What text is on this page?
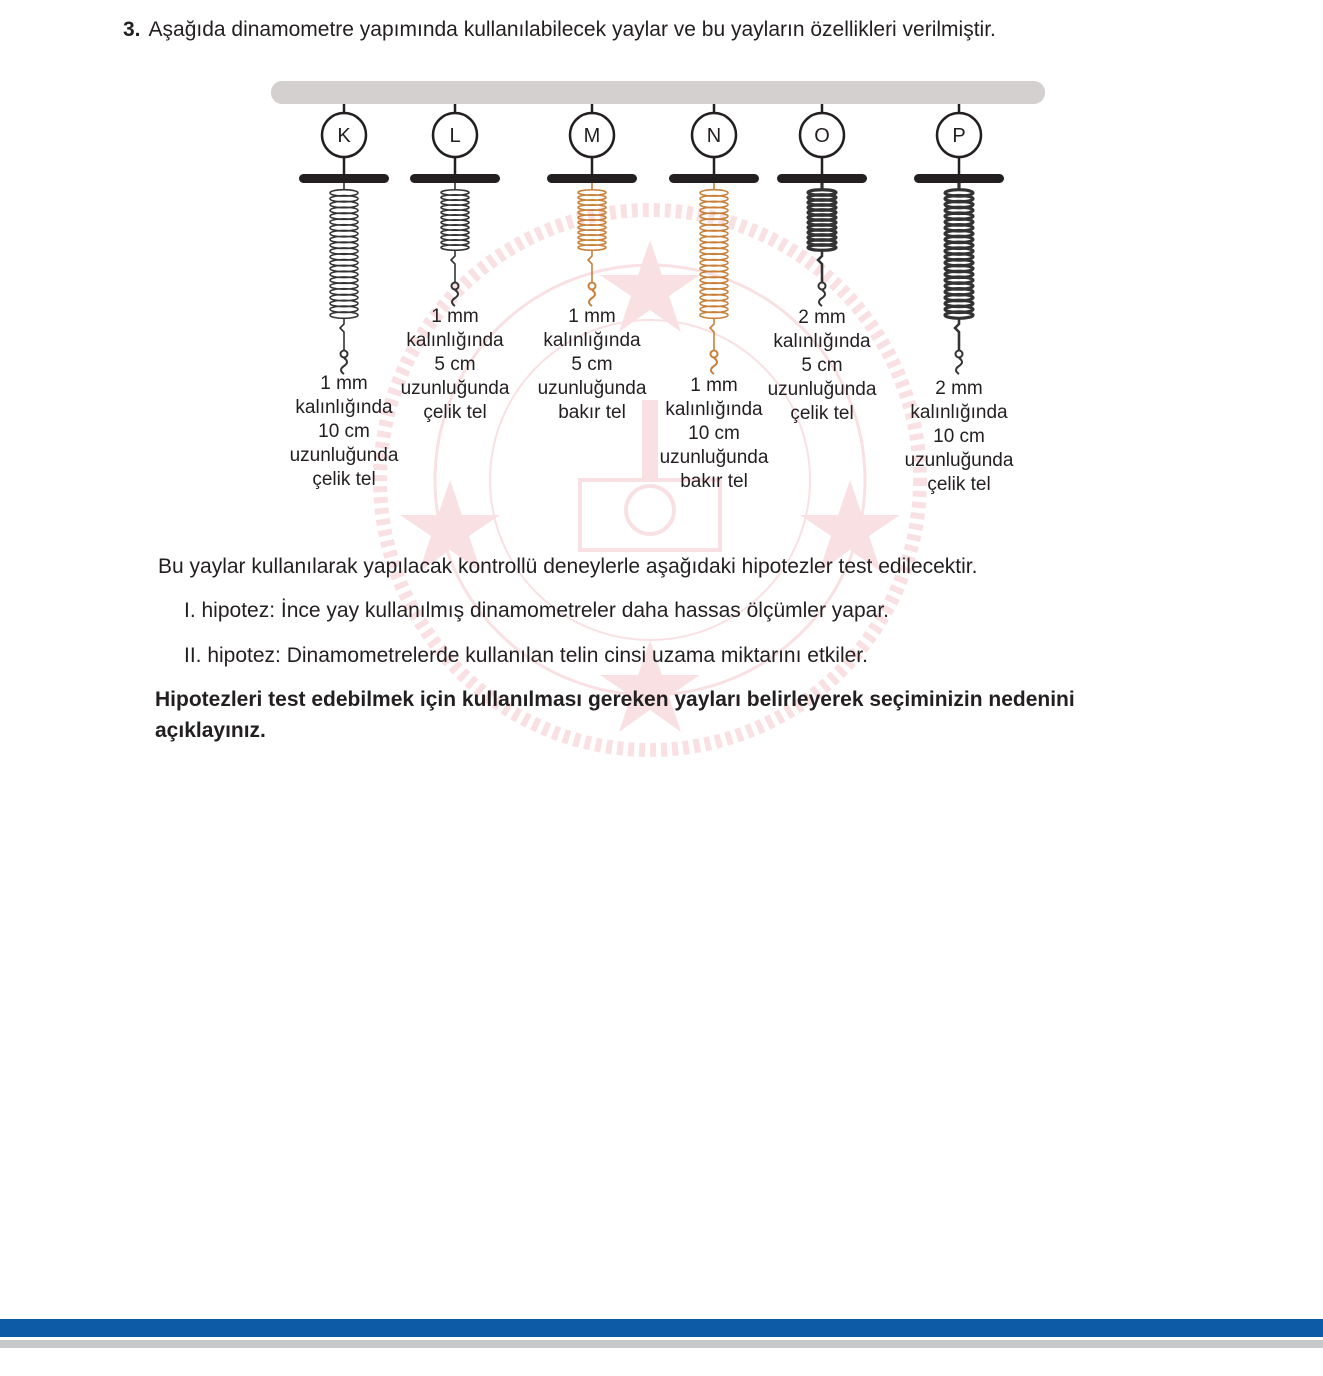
3. Aşağıda dinamometre yapımında kullanılabilecek yaylar ve bu yayların özellikleri verilmiştir.
K	L	M	N	O	P
1 mm
kalınlığında
10 cm
uzunluğunda
çelik tel
1 mm
kalınlığında
5 cm
uzunluğunda
çelik tel
1 mm
kalınlığında
5 cm
uzunluğunda
bakır tel
1 mm
kalınlığında
10 cm
uzunluğunda
bakır tel
2 mm
kalınlığında
5 cm
uzunluğunda
çelik tel
2 mm
kalınlığında
10 cm
uzunluğunda
çelik tel
Bu yaylar kullanılarak yapılacak kontrollü deneylerle aşağıdaki hipotezler test edilecektir.
I. hipotez: İnce yay kullanılmış dinamometreler daha hassas ölçümler yapar.
II. hipotez: Dinamometrelerde kullanılan telin cinsi uzama miktarını etkiler.
Hipotezleri test edebilmek için kullanılması gereken yayları belirleyerek seçiminizin nedenini açıklayınız.
